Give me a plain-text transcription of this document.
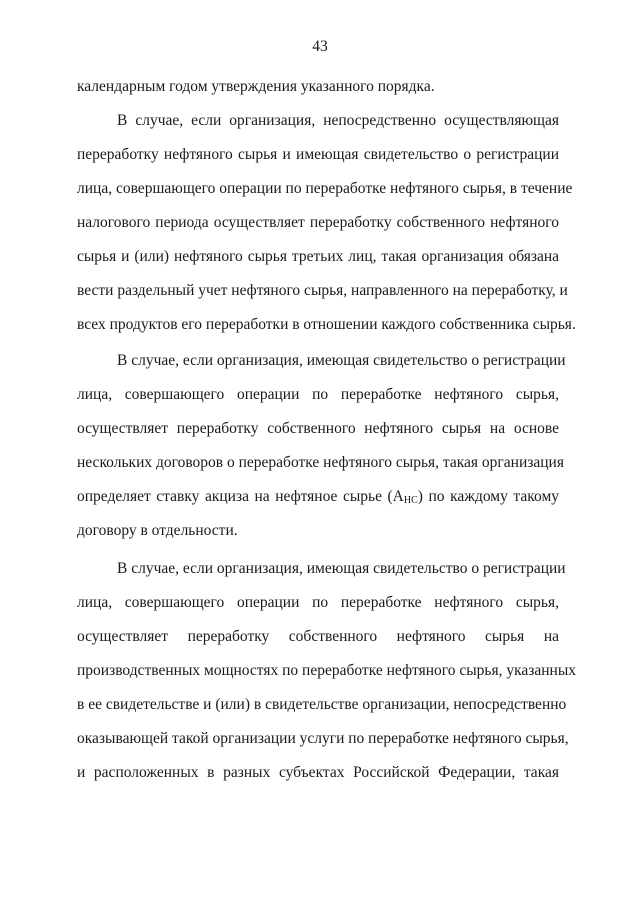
43
календарным годом утверждения указанного порядка.
В случае, если организация, непосредственно осуществляющая
переработку нефтяного сырья и имеющая свидетельство о регистрации
лица, совершающего операции по переработке нефтяного сырья, в течение
налогового периода осуществляет переработку собственного нефтяного
сырья и (или) нефтяного сырья третьих лиц, такая организация обязана
вести раздельный учет нефтяного сырья, направленного на переработку, и
всех продуктов его переработки в отношении каждого собственника сырья.
В случае, если организация, имеющая свидетельство о регистрации
лица, совершающего операции по переработке нефтяного сырья,
осуществляет переработку собственного нефтяного сырья на основе
нескольких договоров о переработке нефтяного сырья, такая организация
определяет ставку акциза на нефтяное сырье $(А_{НС})$ по каждому такому
договору в отдельности.
В случае, если организация, имеющая свидетельство о регистрации
лица, совершающего операции по переработке нефтяного сырья,
осуществляет переработку собственного нефтяного сырья на
производственных мощностях по переработке нефтяного сырья, указанных
в ее свидетельстве и (или) в свидетельстве организации, непосредственно
оказывающей такой организации услуги по переработке нефтяного сырья,
и расположенных в разных субъектах Российской Федерации, такая
